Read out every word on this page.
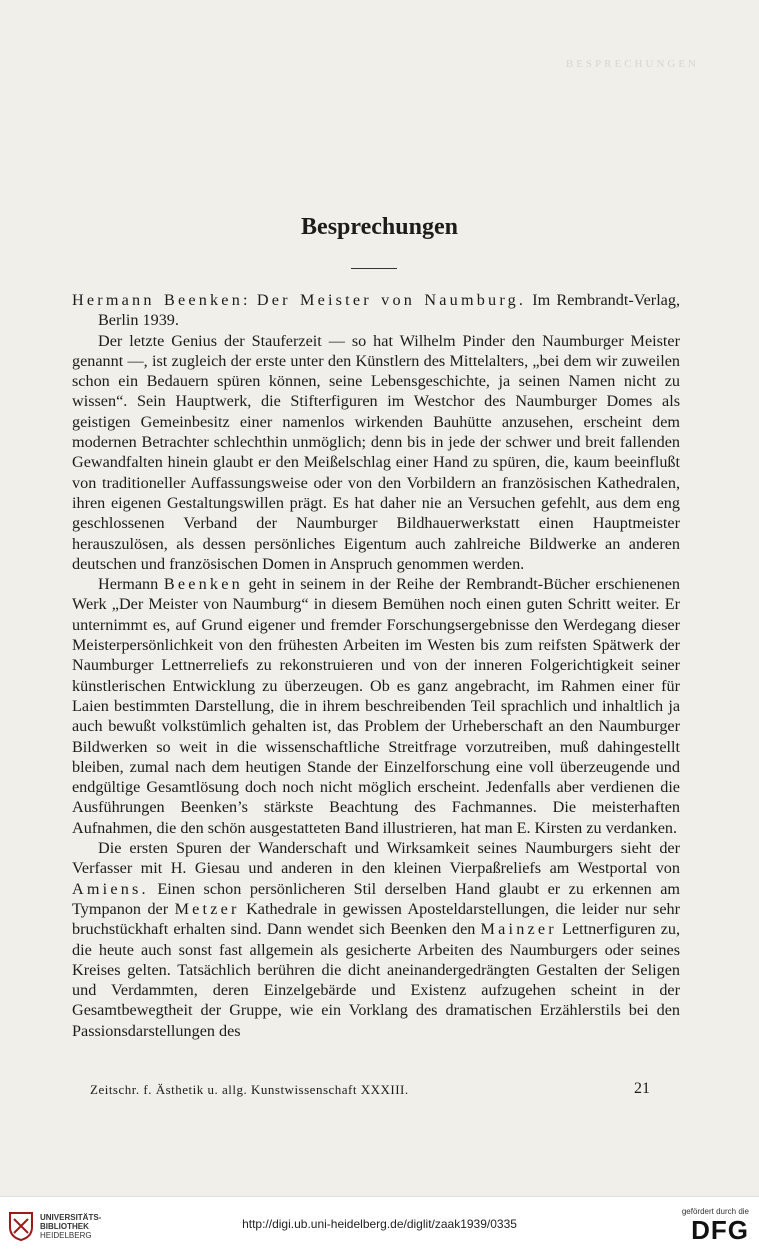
BESPRECHUNGEN
Besprechungen

Hermann Beenken: Der Meister von Naumburg. Im Rembrandt-Verlag, Berlin 1939.

Der letzte Genius der Stauferzeit — so hat Wilhelm Pinder den Naumburger Meister genannt —, ist zugleich der erste unter den Künstlern des Mittelalters, „bei dem wir zuweilen schon ein Bedauern spüren können, seine Lebensgeschichte, ja seinen Namen nicht zu wissen“. Sein Hauptwerk, die Stifterfiguren im Westchor des Naumburger Domes als geistigen Gemeinbesitz einer namenlos wirkenden Bauhütte anzusehen, erscheint dem modernen Betrachter schlechthin unmöglich; denn bis in jede der schwer und breit fallenden Gewandfalten hinein glaubt er den Meißelschlag einer Hand zu spüren, die, kaum beeinflußt von traditioneller Auffassungsweise oder von den Vorbildern an französischen Kathedralen, ihren eigenen Gestaltungswillen prägt. Es hat daher nie an Versuchen gefehlt, aus dem eng geschlossenen Verband der Naumburger Bildhauerwerkstatt einen Hauptmeister herauszulösen, als dessen persönliches Eigentum auch zahlreiche Bildwerke an anderen deutschen und französischen Domen in Anspruch genommen werden.

Hermann Beenken geht in seinem in der Reihe der Rembrandt-Bücher erschienenen Werk „Der Meister von Naumburg“ in diesem Bemühen noch einen guten Schritt weiter. Er unternimmt es, auf Grund eigener und fremder Forschungsergebnisse den Werdegang dieser Meisterpersönlichkeit von den frühesten Arbeiten im Westen bis zum reifsten Spätwerk der Naumburger Lettnerreliefs zu rekonstruieren und von der inneren Folgerichtigkeit seiner künstlerischen Entwicklung zu überzeugen. Ob es ganz angebracht, im Rahmen einer für Laien bestimmten Darstellung, die in ihrem beschreibenden Teil sprachlich und inhaltlich ja auch bewußt volkstümlich gehalten ist, das Problem der Urheberschaft an den Naumburger Bildwerken so weit in die wissenschaftliche Streitfrage vorzutreiben, muß dahingestellt bleiben, zumal nach dem heutigen Stande der Einzelforschung eine voll überzeugende und endgültige Gesamtlösung doch noch nicht möglich erscheint. Jedenfalls aber verdienen die Ausführungen Beenken’s stärkste Beachtung des Fachmannes. Die meisterhaften Aufnahmen, die den schön ausgestatteten Band illustrieren, hat man E. Kirsten zu verdanken.

Die ersten Spuren der Wanderschaft und Wirksamkeit seines Naumburgers sieht der Verfasser mit H. Giesau und anderen in den kleinen Vierpaßreliefs am Westportal von Amiens. Einen schon persönlicheren Stil derselben Hand glaubt er zu erkennen am Tympanon der Metzer Kathedrale in gewissen Aposteldarstellungen, die leider nur sehr bruchstückhaft erhalten sind. Dann wendet sich Beenken den Mainzer Lettnerfiguren zu, die heute auch sonst fast allgemein als gesicherte Arbeiten des Naumburgers oder seines Kreises gelten. Tatsächlich berühren die dicht aneinandergedrängten Gestalten der Seligen und Verdammten, deren Einzelgebärde und Existenz aufzugehen scheint in der Gesamtbewegtheit der Gruppe, wie ein Vorklang des dramatischen Erzählerstils bei den Passionsdarstellungen des

Zeitschr. f. Ästhetik u. allg. Kunstwissenschaft XXXIII.	21
UNIVERSITÄTS-
BIBLIOTHEK
HEIDELBERG
http://digi.ub.uni-heidelberg.de/diglit/zaak1939/0335
gefördert durch die
DFG
